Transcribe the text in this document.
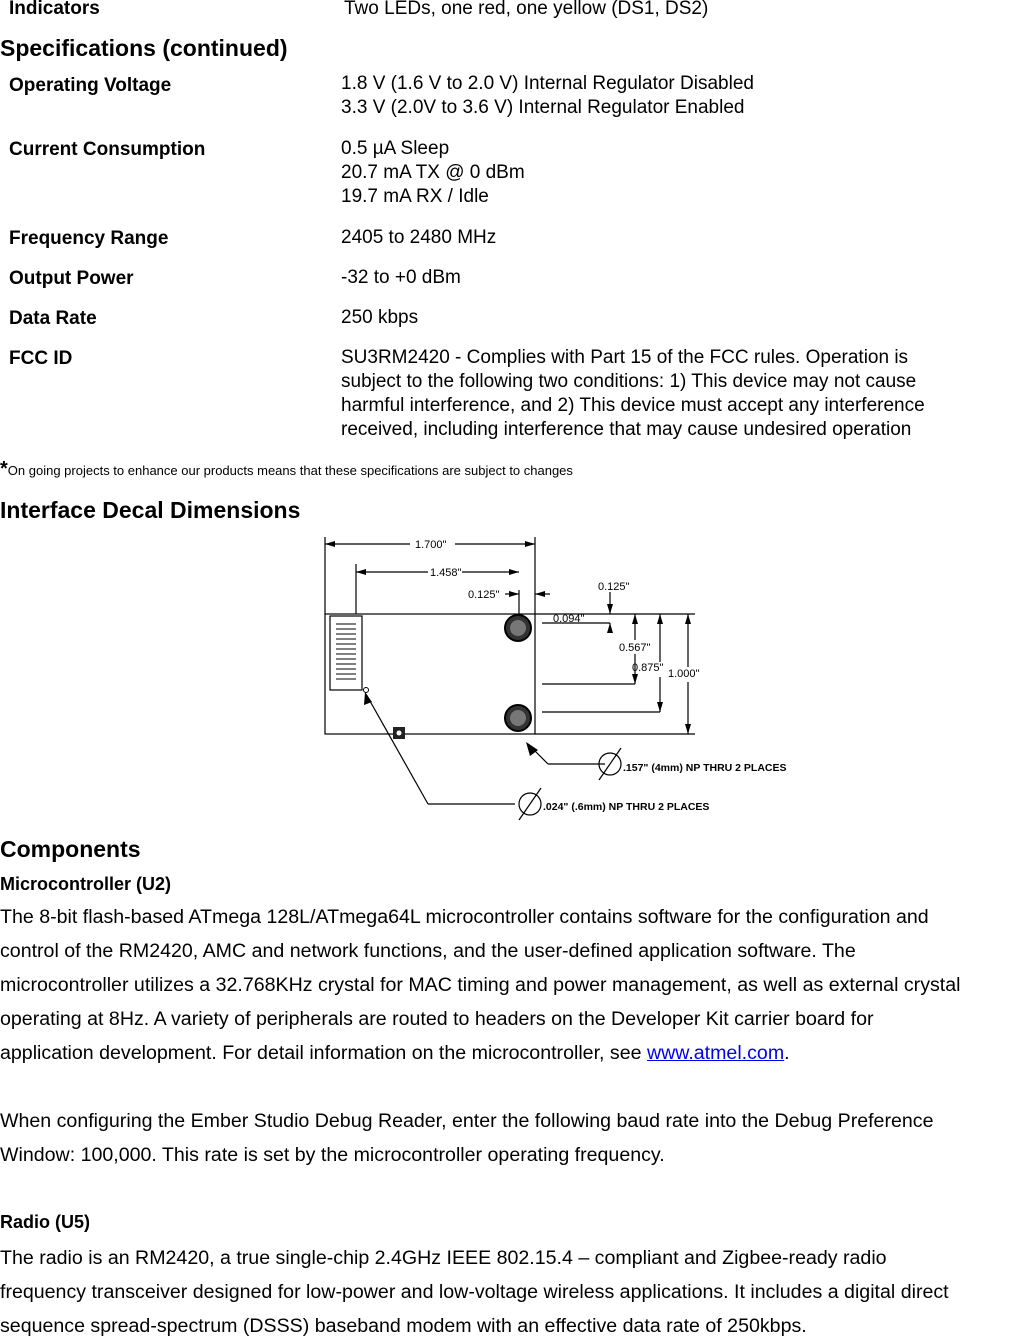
Indicators	Two LEDs, one red, one yellow (DS1, DS2)
Specifications (continued)
Operating Voltage	1.8 V (1.6 V to 2.0 V) Internal Regulator Disabled
3.3 V (2.0V to 3.6 V) Internal Regulator Enabled
Current Consumption	0.5 µA Sleep
20.7 mA TX @ 0 dBm
19.7 mA RX / Idle
Frequency Range	2405 to 2480 MHz
Output Power	-32 to +0 dBm
Data Rate	250 kbps
FCC ID	SU3RM2420 - Complies with Part 15 of the FCC rules. Operation is
subject to the following two conditions: 1) This device may not cause
harmful interference, and 2) This device must accept any interference
received, including interference that may cause undesired operation
*On going projects to enhance our products means that these specifications are subject to changes
Interface Decal Dimensions
1.700"
1.458"
0.125"
0.125"
0.094"
0.567"
0.875" 1.000"
.157" (4mm) NP THRU 2 PLACES
.024" (.6mm) NP THRU 2 PLACES
Components
Microcontroller (U2)
The 8-bit flash-based ATmega 128L/ATmega64L microcontroller contains software for the configuration and
control of the RM2420, AMC and network functions, and the user-defined application software. The
microcontroller utilizes a 32.768KHz crystal for MAC timing and power management, as well as external crystal
operating at 8Hz. A variety of peripherals are routed to headers on the Developer Kit carrier board for
application development. For detail information on the microcontroller, see www.atmel.com.
When configuring the Ember Studio Debug Reader, enter the following baud rate into the Debug Preference
Window: 100,000. This rate is set by the microcontroller operating frequency.
Radio (U5)
The radio is an RM2420, a true single-chip 2.4GHz IEEE 802.15.4 – compliant and Zigbee-ready radio
frequency transceiver designed for low-power and low-voltage wireless applications. It includes a digital direct
sequence spread-spectrum (DSSS) baseband modem with an effective data rate of 250kbps.
